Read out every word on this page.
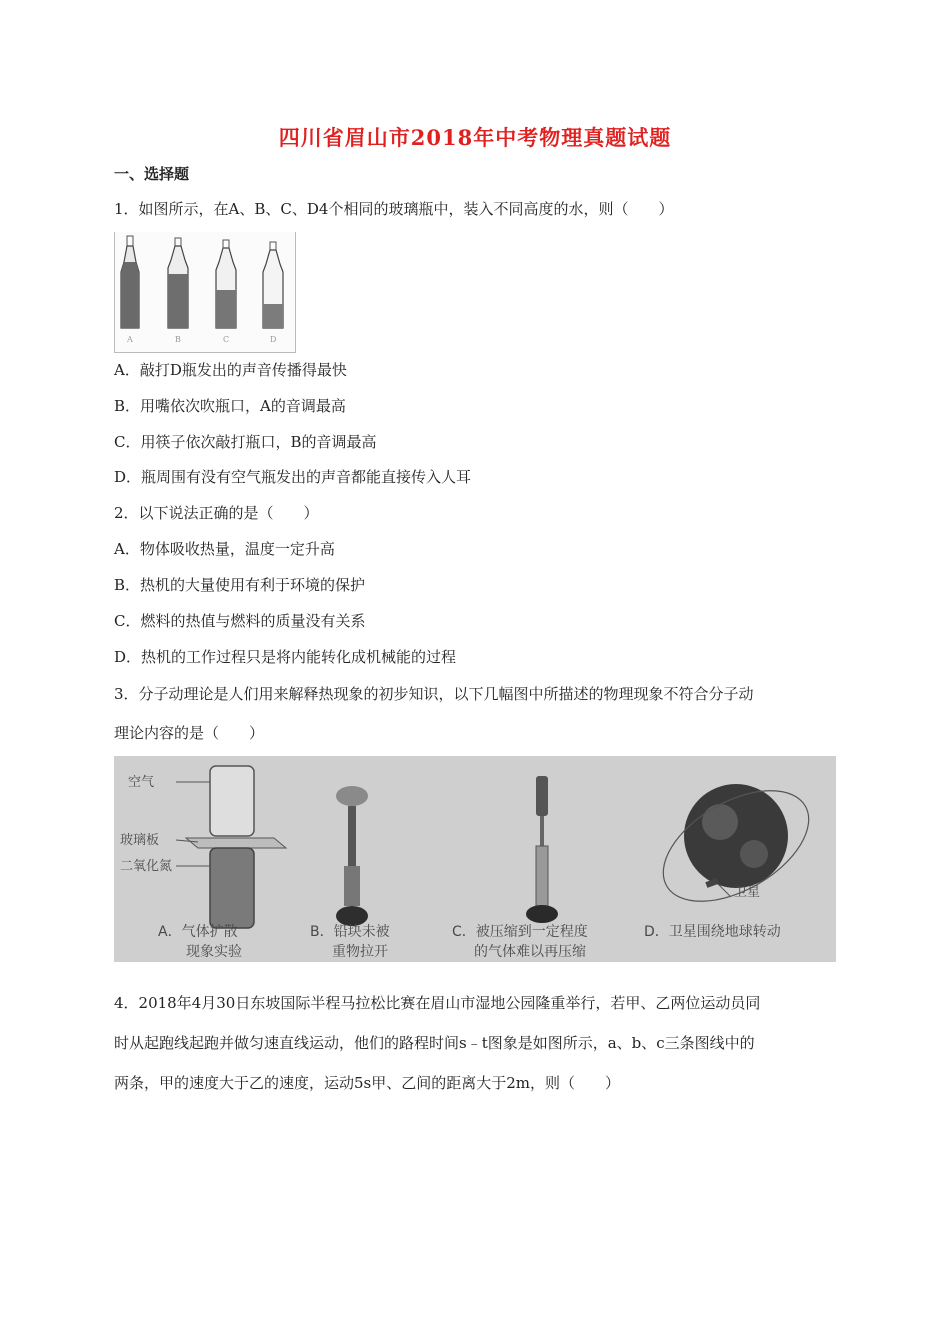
四川省眉山市2018年中考物理真题试题
一、选择题
1．如图所示，在A、B、C、D4个相同的玻璃瓶中，装入不同高度的水，则（　　）
A	B	C	D
A．敲打D瓶发出的声音传播得最快
B．用嘴依次吹瓶口，A的音调最高
C．用筷子依次敲打瓶口，B的音调最高
D．瓶周围有没有空气瓶发出的声音都能直接传入人耳
2．以下说法正确的是（　　）
A．物体吸收热量，温度一定升高
B．热机的大量使用有利于环境的保护
C．燃料的热值与燃料的质量没有关系
D．热机的工作过程只是将内能转化成机械能的过程
3．分子动理论是人们用来解释热现象的初步知识，以下几幅图中所描述的物理现象不符合分子动
理论内容的是（　　）
空气
玻璃板
二氧化氮
卫星
A．气体扩散
现象实验
B．铅块未被
重物拉开
C．被压缩到一定程度
的气体难以再压缩
D．卫星围绕地球转动
4．2018年4月30日东坡国际半程马拉松比赛在眉山市湿地公园隆重举行，若甲、乙两位运动员同
时从起跑线起跑并做匀速直线运动，他们的路程时间s﹣t图象是如图所示，a、b、c三条图线中的
两条，甲的速度大于乙的速度，运动5s甲、乙间的距离大于2m，则（　　）
